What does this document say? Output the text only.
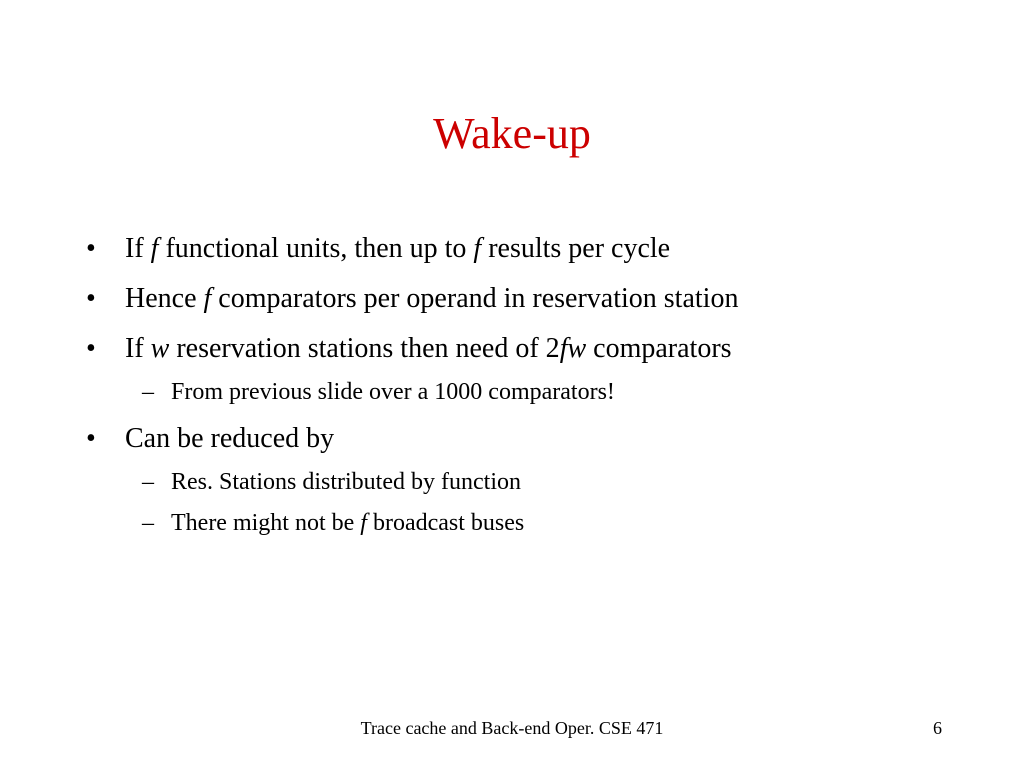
Wake-up
• If f functional units, then up to f results per cycle
• Hence f comparators per operand in reservation station
• If w reservation stations then need of 2fw comparators
– From previous slide over a 1000 comparators!
• Can be reduced by
– Res. Stations distributed by function
– There might not be f broadcast buses
Trace cache and Back-end Oper. CSE 471	6
